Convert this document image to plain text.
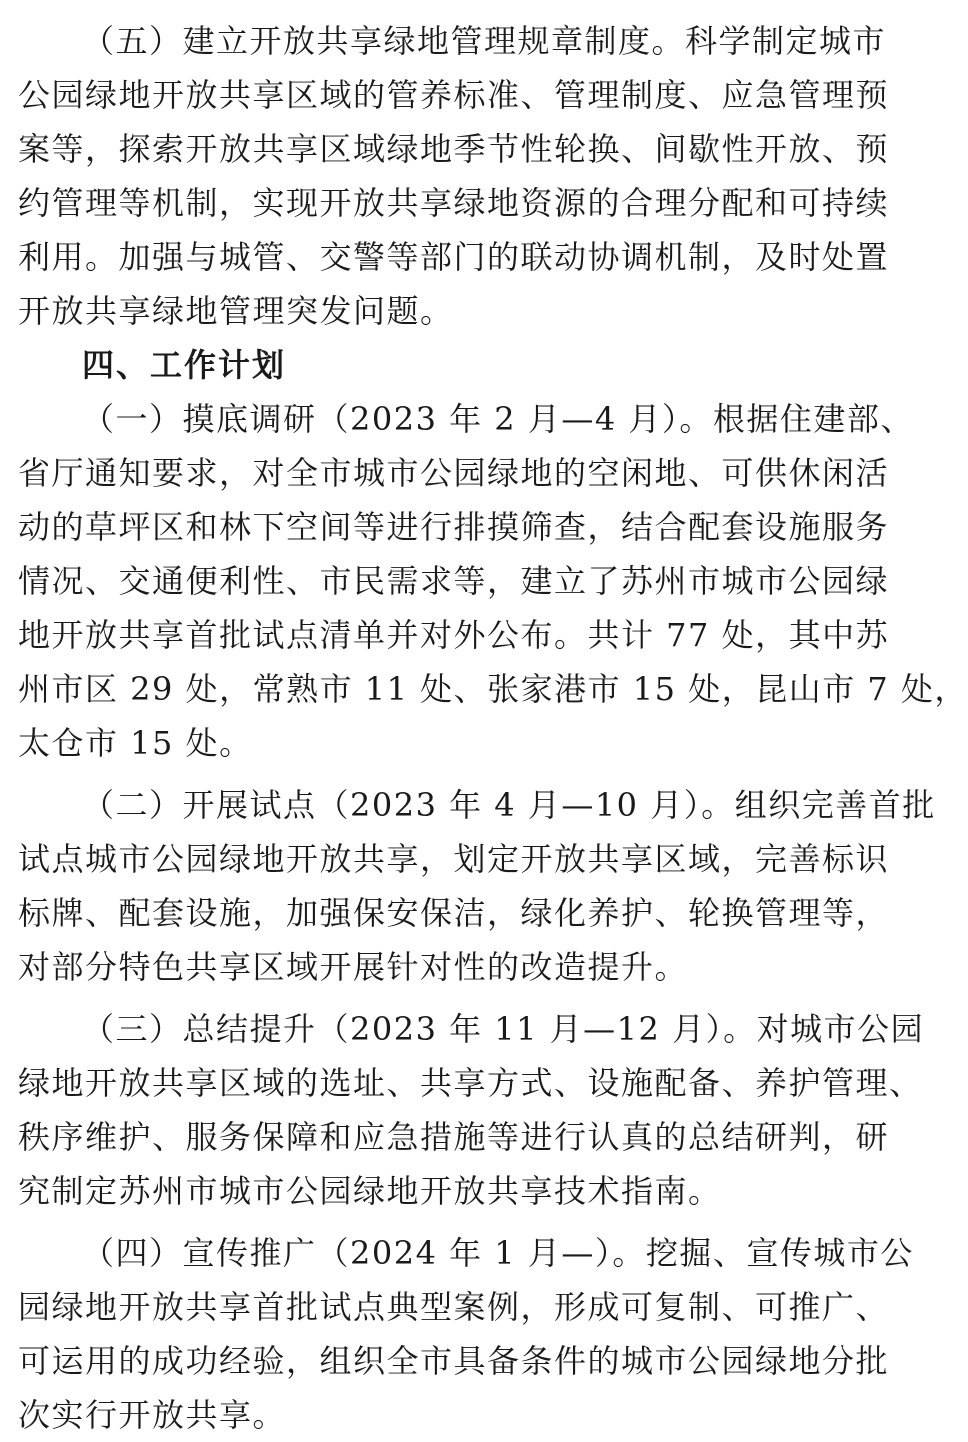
（五）建立开放共享绿地管理规章制度。科学制定城市
公园绿地开放共享区域的管养标准、管理制度、应急管理预
案等，探索开放共享区域绿地季节性轮换、间歇性开放、预
约管理等机制，实现开放共享绿地资源的合理分配和可持续
利用。加强与城管、交警等部门的联动协调机制，及时处置
开放共享绿地管理突发问题。
四、工作计划
（一）摸底调研（2023 年 2 月—4 月）。根据住建部、
省厅通知要求，对全市城市公园绿地的空闲地、可供休闲活
动的草坪区和林下空间等进行排摸筛查，结合配套设施服务
情况、交通便利性、市民需求等，建立了苏州市城市公园绿
地开放共享首批试点清单并对外公布。共计 77 处，其中苏
州市区 29 处，常熟市 11 处、张家港市 15 处，昆山市 7 处，
太仓市 15 处。
（二）开展试点（2023 年 4 月—10 月）。组织完善首批
试点城市公园绿地开放共享，划定开放共享区域，完善标识
标牌、配套设施，加强保安保洁，绿化养护、轮换管理等，
对部分特色共享区域开展针对性的改造提升。
（三）总结提升（2023 年 11 月—12 月）。对城市公园
绿地开放共享区域的选址、共享方式、设施配备、养护管理、
秩序维护、服务保障和应急措施等进行认真的总结研判，研
究制定苏州市城市公园绿地开放共享技术指南。
（四）宣传推广（2024 年 1 月—）。挖掘、宣传城市公
园绿地开放共享首批试点典型案例，形成可复制、可推广、
可运用的成功经验，组织全市具备条件的城市公园绿地分批
次实行开放共享。
